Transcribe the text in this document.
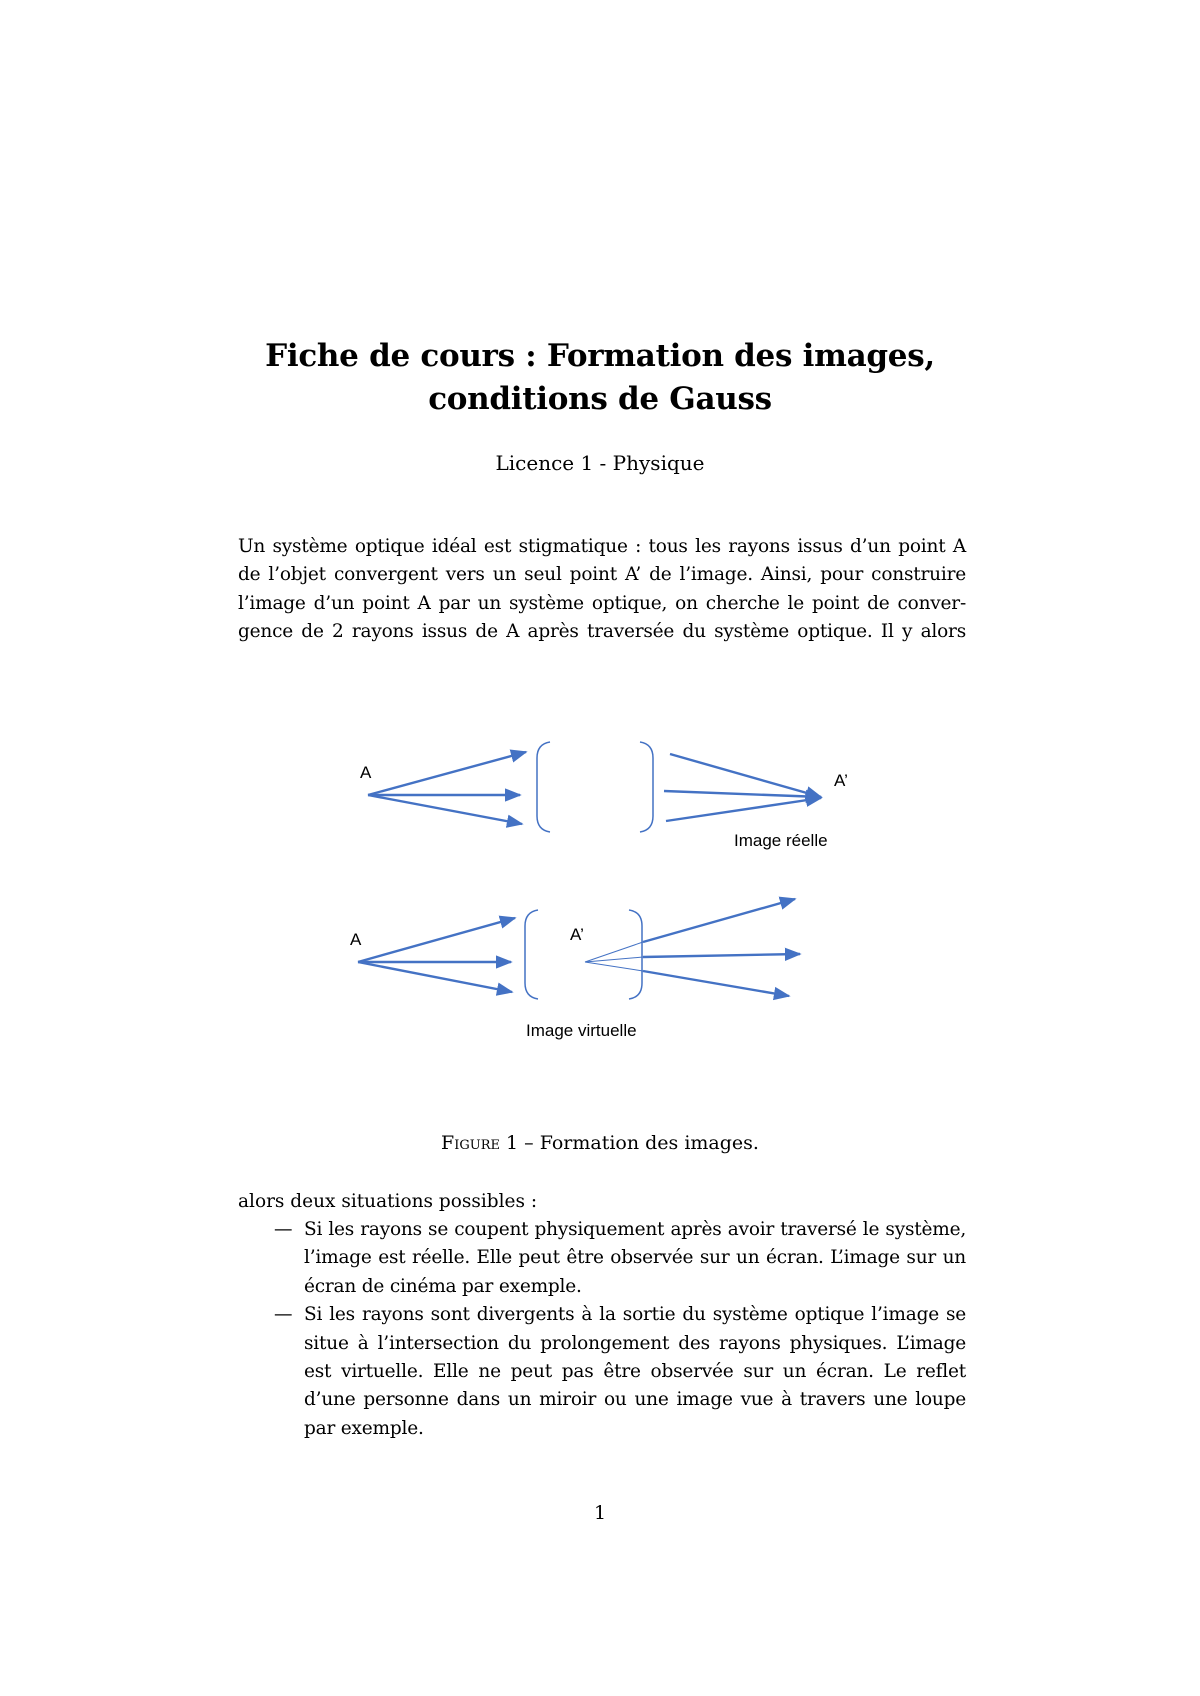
Fiche de cours : Formation des images,
conditions de Gauss
Licence 1 - Physique
Un système optique idéal est stigmatique : tous les rayons issus d’un point A
de l’objet convergent vers un seul point A’ de l’image. Ainsi, pour construire
l’image d’un point A par un système optique, on cherche le point de conver-
gence de 2 rayons issus de A après traversée du système optique. Il y alors
A	A’
Image réelle
A	A’
Image virtuelle
Figure 1 – Formation des images.
alors deux situations possibles :
— Si les rayons se coupent physiquement après avoir traversé le système, l’image est réelle. Elle peut être observée sur un écran. L’image sur un écran de cinéma par exemple.
— Si les rayons sont divergents à la sortie du système optique l’image se situe à l’intersection du prolongement des rayons physiques. L’image est virtuelle. Elle ne peut pas être observée sur un écran. Le reflet d’une personne dans un miroir ou une image vue à travers une loupe par exemple.
1
